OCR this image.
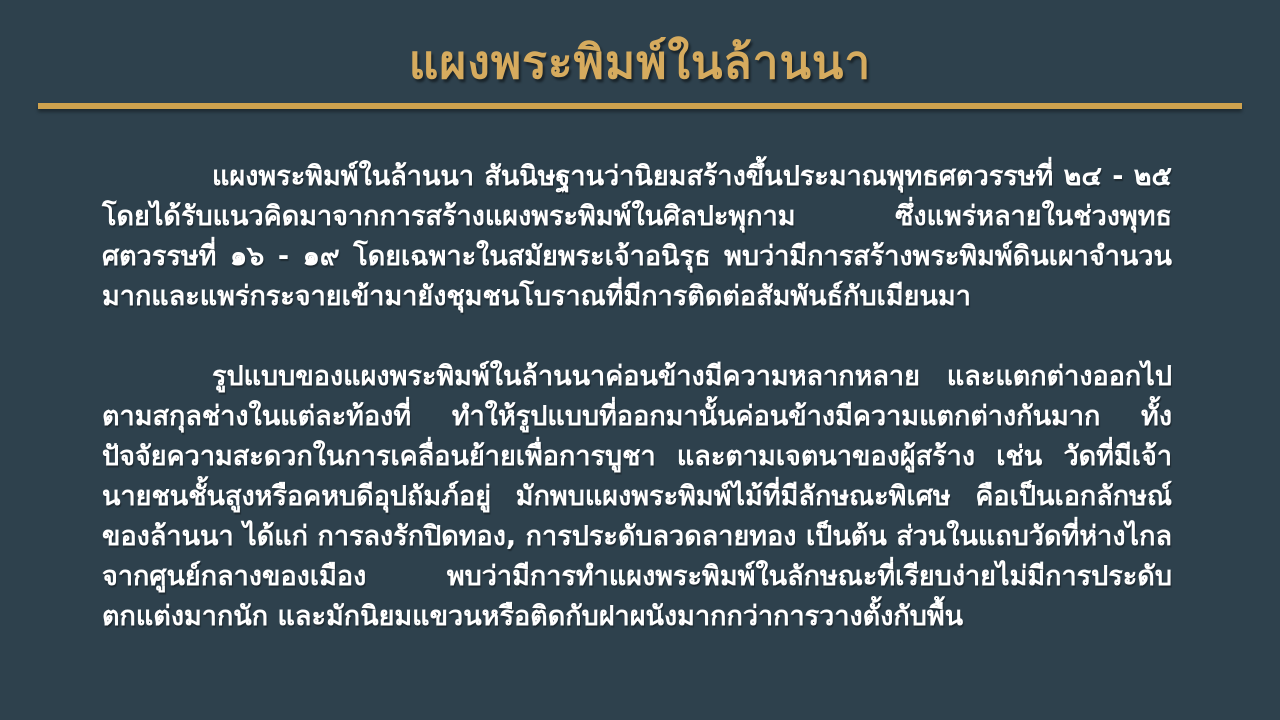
แผงพระพิมพ์ในล้านนา

แผงพระพิมพ์ในล้านนา สันนิษฐานว่านิยมสร้างขึ้นประมาณพุทธศตวรรษที่ ๒๔ - ๒๕ โดยได้รับแนวคิดมาจากการสร้างแผงพระพิมพ์ในศิลปะพุกาม ซึ่งแพร่หลายในช่วงพุทธศตวรรษที่ ๑๖ - ๑๙ โดยเฉพาะในสมัยพระเจ้าอนิรุธ พบว่ามีการสร้างพระพิมพ์ดินเผาจำนวนมากและแพร่กระจายเข้ามายังชุมชนโบราณที่มีการติดต่อสัมพันธ์กับเมียนมา

รูปแบบของแผงพระพิมพ์ในล้านนาค่อนข้างมีความหลากหลาย และแตกต่างออกไปตามสกุลช่างในแต่ละท้องที่ ทำให้รูปแบบที่ออกมานั้นค่อนข้างมีความแตกต่างกันมาก ทั้งปัจจัยความสะดวกในการเคลื่อนย้ายเพื่อการบูชา และตามเจตนาของผู้สร้าง เช่น วัดที่มีเจ้านายชนชั้นสูงหรือคหบดีอุปถัมภ์อยู่ มักพบแผงพระพิมพ์ไม้ที่มีลักษณะพิเศษ คือเป็นเอกลักษณ์ของล้านนา ได้แก่ การลงรักปิดทอง, การประดับลวดลายทอง เป็นต้น ส่วนในแถบวัดที่ห่างไกลจากศูนย์กลางของเมือง พบว่ามีการทำแผงพระพิมพ์ในลักษณะที่เรียบง่ายไม่มีการประดับตกแต่งมากนัก และมักนิยมแขวนหรือติดกับฝาผนังมากกว่าการวางตั้งกับพื้น
